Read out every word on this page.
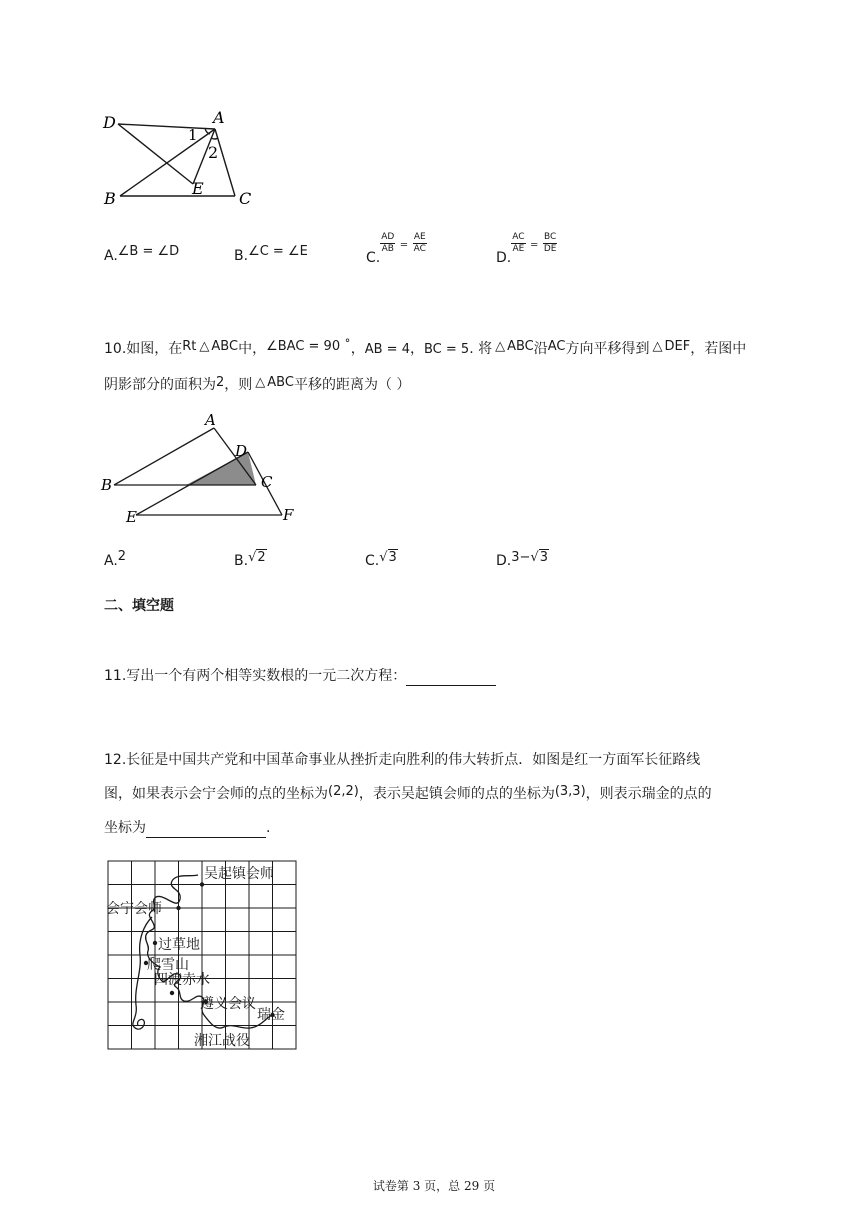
D	A
1
2
E
B	C
A.∠B = ∠D	B.∠C = ∠E	C.
$\frac{AD}{AB} = \frac{AE}{AC}$
D.
$\frac{AC}{AE} = \frac{BC}{DE}$
10.如图，在Rt △ ABC中，∠BAC = 90 ˚，AB = 4，BC = 5. 将 △ ABC沿AC方向平移得到 △ DEF，若图中
阴影部分的面积为2，则 △ ABC平移的距离为（ ）
A
D
B	C
E	F
A.2	B.√2	C.√3	D.3−√3
二、填空题
11.写出一个有两个相等实数根的一元二次方程：
12.长征是中国共产党和中国革命事业从挫折走向胜利的伟大转折点．如图是红一方面军长征路线
图，如果表示会宁会师的点的坐标为(2,2)，表示吴起镇会师的点的坐标为(3,3)，则表示瑞金的点的
坐标为	.
吴起镇会师
会宁会师
过草地
爬雪山
四渡赤水
遵义会议
瑞金
湘江战役
试卷第 3 页，总 29 页
